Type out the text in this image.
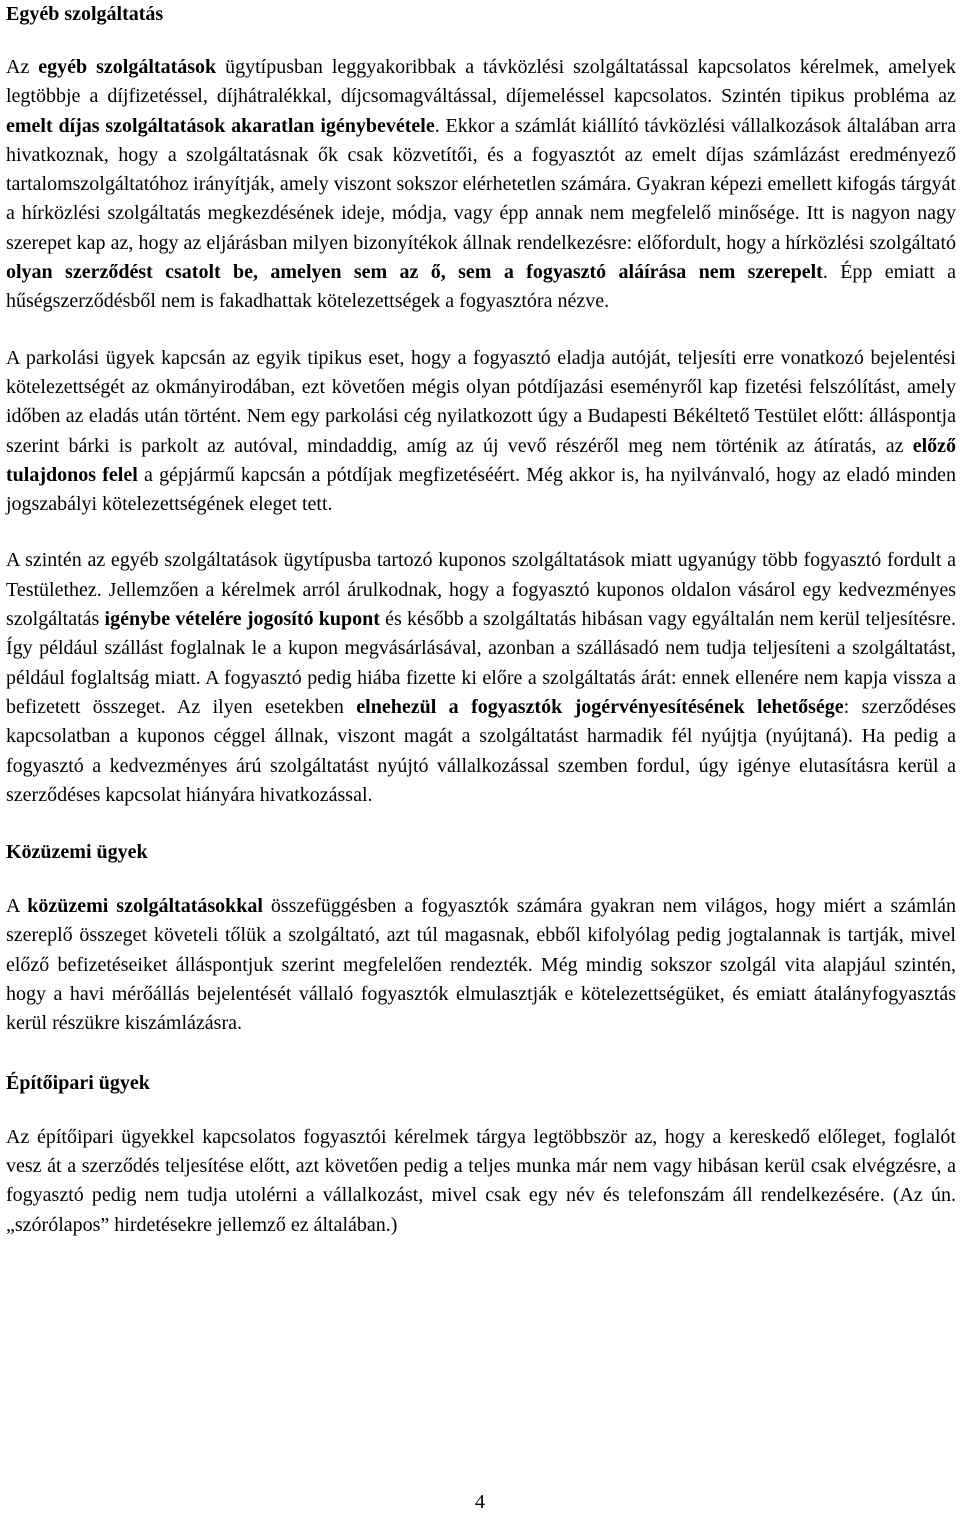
Egyéb szolgáltatás

Az egyéb szolgáltatások ügytípusban leggyakoribbak a távközlési szolgáltatással kapcsolatos kérelmek, amelyek legtöbbje a díjfizetéssel, díjhátralékkal, díjcsomagváltással, díjemeléssel kapcsolatos. Szintén tipikus probléma az emelt díjas szolgáltatások akaratlan igénybevétele. Ekkor a számlát kiállító távközlési vállalkozások általában arra hivatkoznak, hogy a szolgáltatásnak ők csak közvetítői, és a fogyasztót az emelt díjas számlázást eredményező tartalomszolgáltatóhoz irányítják, amely viszont sokszor elérhetetlen számára. Gyakran képezi emellett kifogás tárgyát a hírközlési szolgáltatás megkezdésének ideje, módja, vagy épp annak nem megfelelő minősége. Itt is nagyon nagy szerepet kap az, hogy az eljárásban milyen bizonyítékok állnak rendelkezésre: előfordult, hogy a hírközlési szolgáltató olyan szerződést csatolt be, amelyen sem az ő, sem a fogyasztó aláírása nem szerepelt. Épp emiatt a hűségszerződésből nem is fakadhattak kötelezettségek a fogyasztóra nézve.

A parkolási ügyek kapcsán az egyik tipikus eset, hogy a fogyasztó eladja autóját, teljesíti erre vonatkozó bejelentési kötelezettségét az okmányirodában, ezt követően mégis olyan pótdíjazási eseményről kap fizetési felszólítást, amely időben az eladás után történt. Nem egy parkolási cég nyilatkozott úgy a Budapesti Békéltető Testület előtt: álláspontja szerint bárki is parkolt az autóval, mindaddig, amíg az új vevő részéről meg nem történik az átíratás, az előző tulajdonos felel a gépjármű kapcsán a pótdíjak megfizetéséért. Még akkor is, ha nyilvánvaló, hogy az eladó minden jogszabályi kötelezettségének eleget tett.

A szintén az egyéb szolgáltatások ügytípusba tartozó kuponos szolgáltatások miatt ugyanúgy több fogyasztó fordult a Testülethez. Jellemzően a kérelmek arról árulkodnak, hogy a fogyasztó kuponos oldalon vásárol egy kedvezményes szolgáltatás igénybe vételére jogosító kupont és később a szolgáltatás hibásan vagy egyáltalán nem kerül teljesítésre. Így például szállást foglalnak le a kupon megvásárlásával, azonban a szállásadó nem tudja teljesíteni a szolgáltatást, például foglaltság miatt. A fogyasztó pedig hiába fizette ki előre a szolgáltatás árát: ennek ellenére nem kapja vissza a befizetett összeget. Az ilyen esetekben elnehezül a fogyasztók jogérvényesítésének lehetősége: szerződéses kapcsolatban a kuponos céggel állnak, viszont magát a szolgáltatást harmadik fél nyújtja (nyújtaná). Ha pedig a fogyasztó a kedvezményes árú szolgáltatást nyújtó vállalkozással szemben fordul, úgy igénye elutasításra kerül a szerződéses kapcsolat hiányára hivatkozással.

Közüzemi ügyek

A közüzemi szolgáltatásokkal összefüggésben a fogyasztók számára gyakran nem világos, hogy miért a számlán szereplő összeget követeli tőlük a szolgáltató, azt túl magasnak, ebből kifolyólag pedig jogtalannak is tartják, mivel előző befizetéseiket álláspontjuk szerint megfelelően rendezték. Még mindig sokszor szolgál vita alapjául szintén, hogy a havi mérőállás bejelentését vállaló fogyasztók elmulasztják e kötelezettségüket, és emiatt átalányfogyasztás kerül részükre kiszámlázásra.

Építőipari ügyek

Az építőipari ügyekkel kapcsolatos fogyasztói kérelmek tárgya legtöbbször az, hogy a kereskedő előleget, foglalót vesz át a szerződés teljesítése előtt, azt követően pedig a teljes munka már nem vagy hibásan kerül csak elvégzésre, a fogyasztó pedig nem tudja utolérni a vállalkozást, mivel csak egy név és telefonszám áll rendelkezésére. (Az ún. „szórólapos” hirdetésekre jellemző ez általában.)

4
